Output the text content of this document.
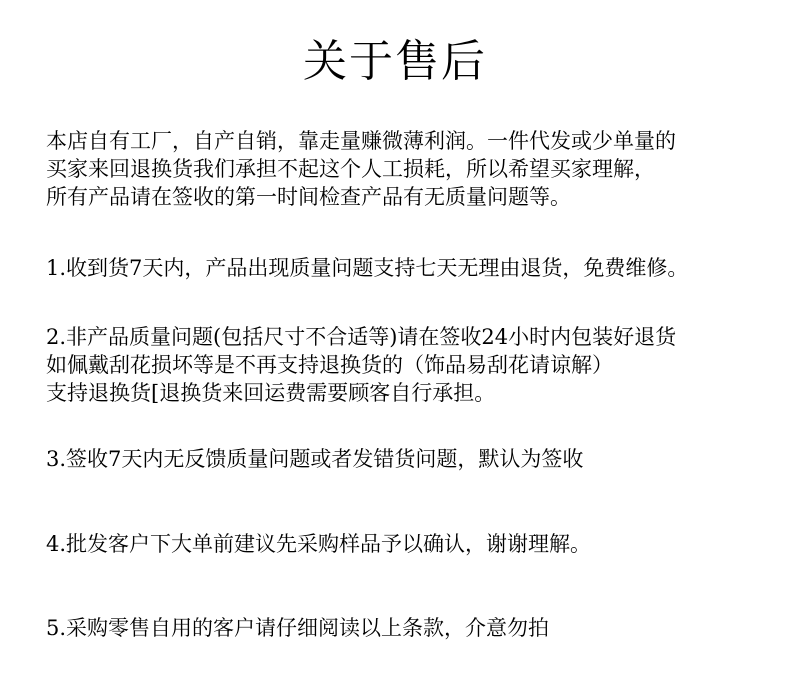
关于售后
本店自有工厂，自产自销，靠走量赚微薄利润。一件代发或少单量的
买家来回退换货我们承担不起这个人工损耗，所以希望买家理解，
所有产品请在签收的第一时间检查产品有无质量问题等。
1.收到货7天内，产品出现质量问题支持七天无理由退货，免费维修。
2.非产品质量问题(包括尺寸不合适等)请在签收24小时内包装好退货
如佩戴刮花损坏等是不再支持退换货的（饰品易刮花请谅解）
支持退换货[退换货来回运费需要顾客自行承担。
3.签收7天内无反馈质量问题或者发错货问题，默认为签收
4.批发客户下大单前建议先采购样品予以确认，谢谢理解。
5.采购零售自用的客户请仔细阅读以上条款，介意勿拍
